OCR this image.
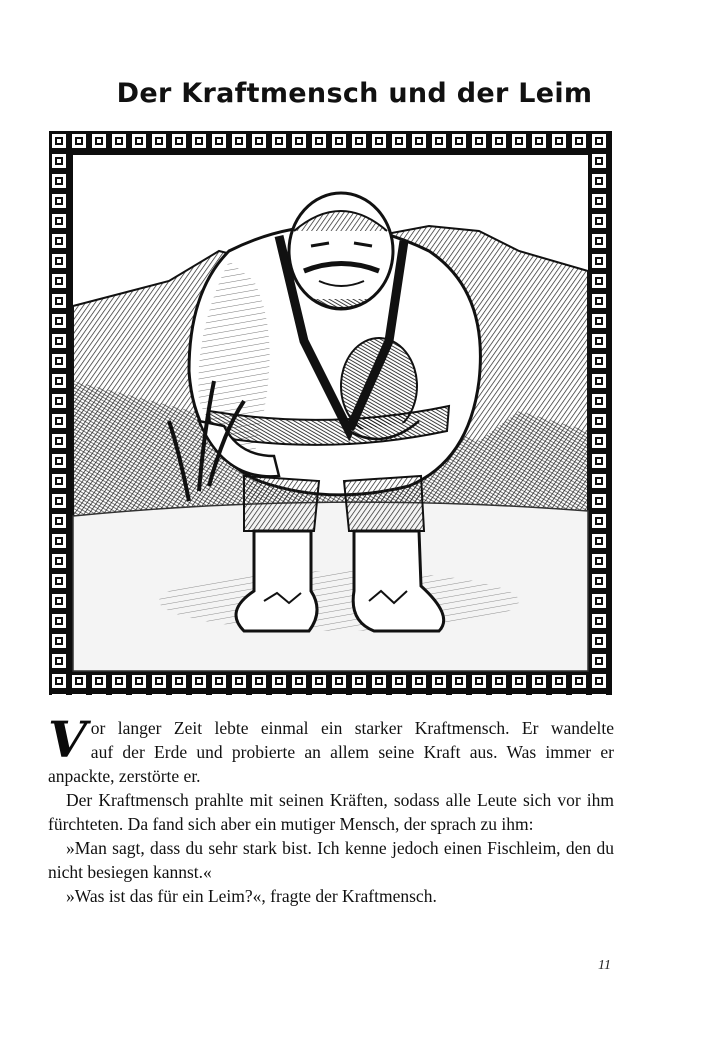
Der Kraftmensch und der Leim
V or langer Zeit lebte einmal ein starker Kraftmensch. Er wandelte

auf der Erde und probierte an allem seine Kraft aus. Was immer er

anpackte, zerstörte er.

Der Kraftmensch prahlte mit seinen Kräften, sodass alle Leute sich vor ihm fürchteten. Da fand sich aber ein mutiger Mensch, der sprach zu ihm:

»Man sagt, dass du sehr stark bist. Ich kenne jedoch einen Fischleim, den du nicht besiegen kannst.«

»Was ist das für ein Leim?«, fragte der Kraftmensch.

11
